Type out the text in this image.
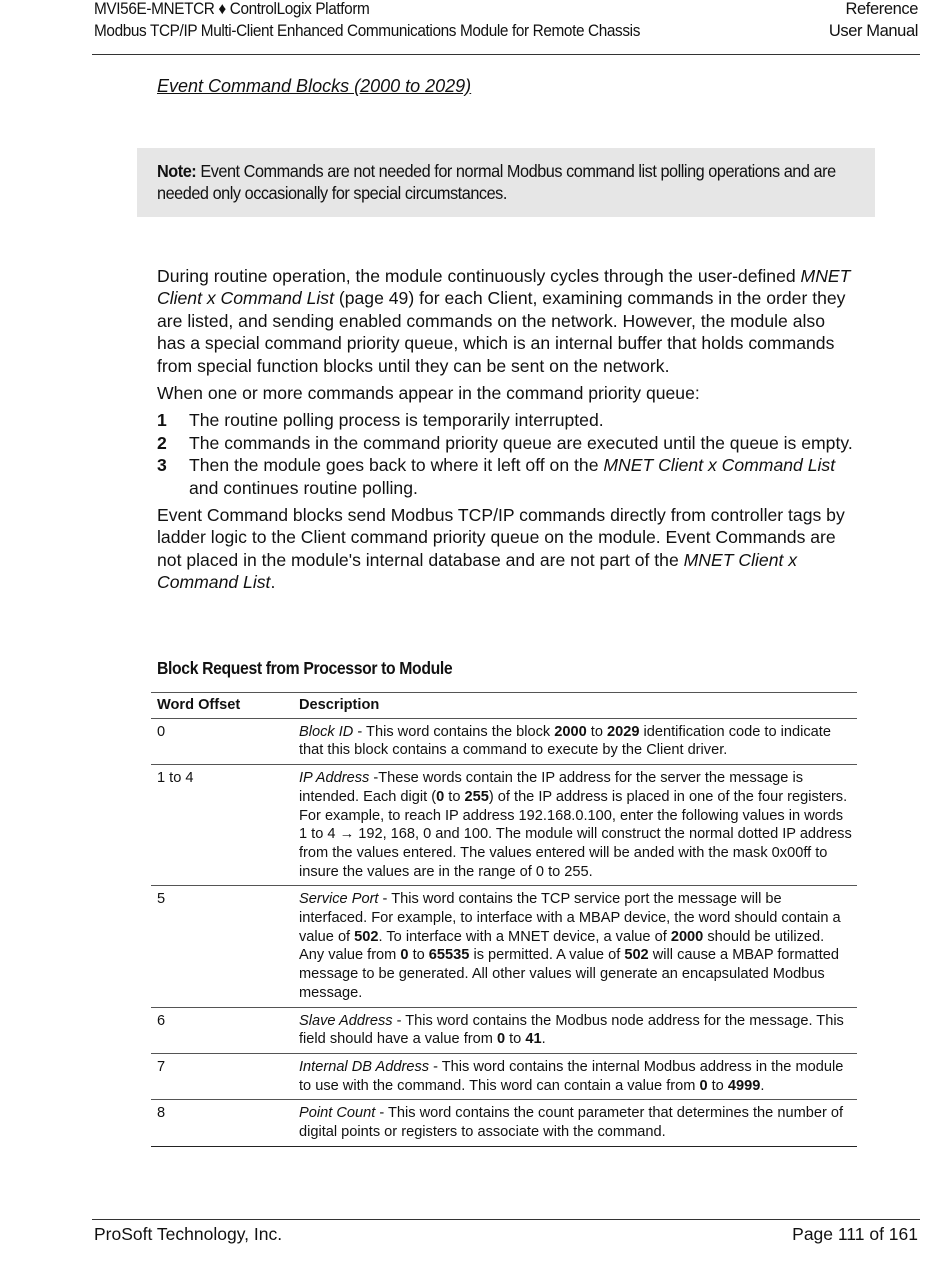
MVI56E-MNETCR ♦ ControlLogix Platform
Modbus TCP/IP Multi-Client Enhanced Communications Module for Remote Chassis
Reference
User Manual
Event Command Blocks (2000 to 2029)
Note: Event Commands are not needed for normal Modbus command list polling operations and are needed only occasionally for special circumstances.

During routine operation, the module continuously cycles through the user-defined MNET Client x Command List (page 49) for each Client, examining commands in the order they are listed, and sending enabled commands on the network. However, the module also has a special command priority queue, which is an internal buffer that holds commands from special function blocks until they can be sent on the network.

When one or more commands appear in the command priority queue:

1 The routine polling process is temporarily interrupted.
2 The commands in the command priority queue are executed until the queue is empty.
3 Then the module goes back to where it left off on the MNET Client x Command List and continues routine polling.

Event Command blocks send Modbus TCP/IP commands directly from controller tags by ladder logic to the Client command priority queue on the module. Event Commands are not placed in the module's internal database and are not part of the MNET Client x Command List.

Block Request from Processor to Module
Word Offset	Description
0	Block ID - This word contains the block 2000 to 2029 identification code to indicate that this block contains a command to execute by the Client driver.
1 to 4	IP Address -These words contain the IP address for the server the message is intended. Each digit (0 to 255) of the IP address is placed in one of the four registers. For example, to reach IP address 192.168.0.100, enter the following values in words 1 to 4 → 192, 168, 0 and 100. The module will construct the normal dotted IP address from the values entered. The values entered will be anded with the mask 0x00ff to insure the values are in the range of 0 to 255.
5	Service Port - This word contains the TCP service port the message will be interfaced. For example, to interface with a MBAP device, the word should contain a value of 502. To interface with a MNET device, a value of 2000 should be utilized. Any value from 0 to 65535 is permitted. A value of 502 will cause a MBAP formatted message to be generated. All other values will generate an encapsulated Modbus message.
6	Slave Address - This word contains the Modbus node address for the message. This field should have a value from 0 to 41.
7	Internal DB Address - This word contains the internal Modbus address in the module to use with the command. This word can contain a value from 0 to 4999.
8	Point Count - This word contains the count parameter that determines the number of digital points or registers to associate with the command.
ProSoft Technology, Inc.	Page 111 of 161
